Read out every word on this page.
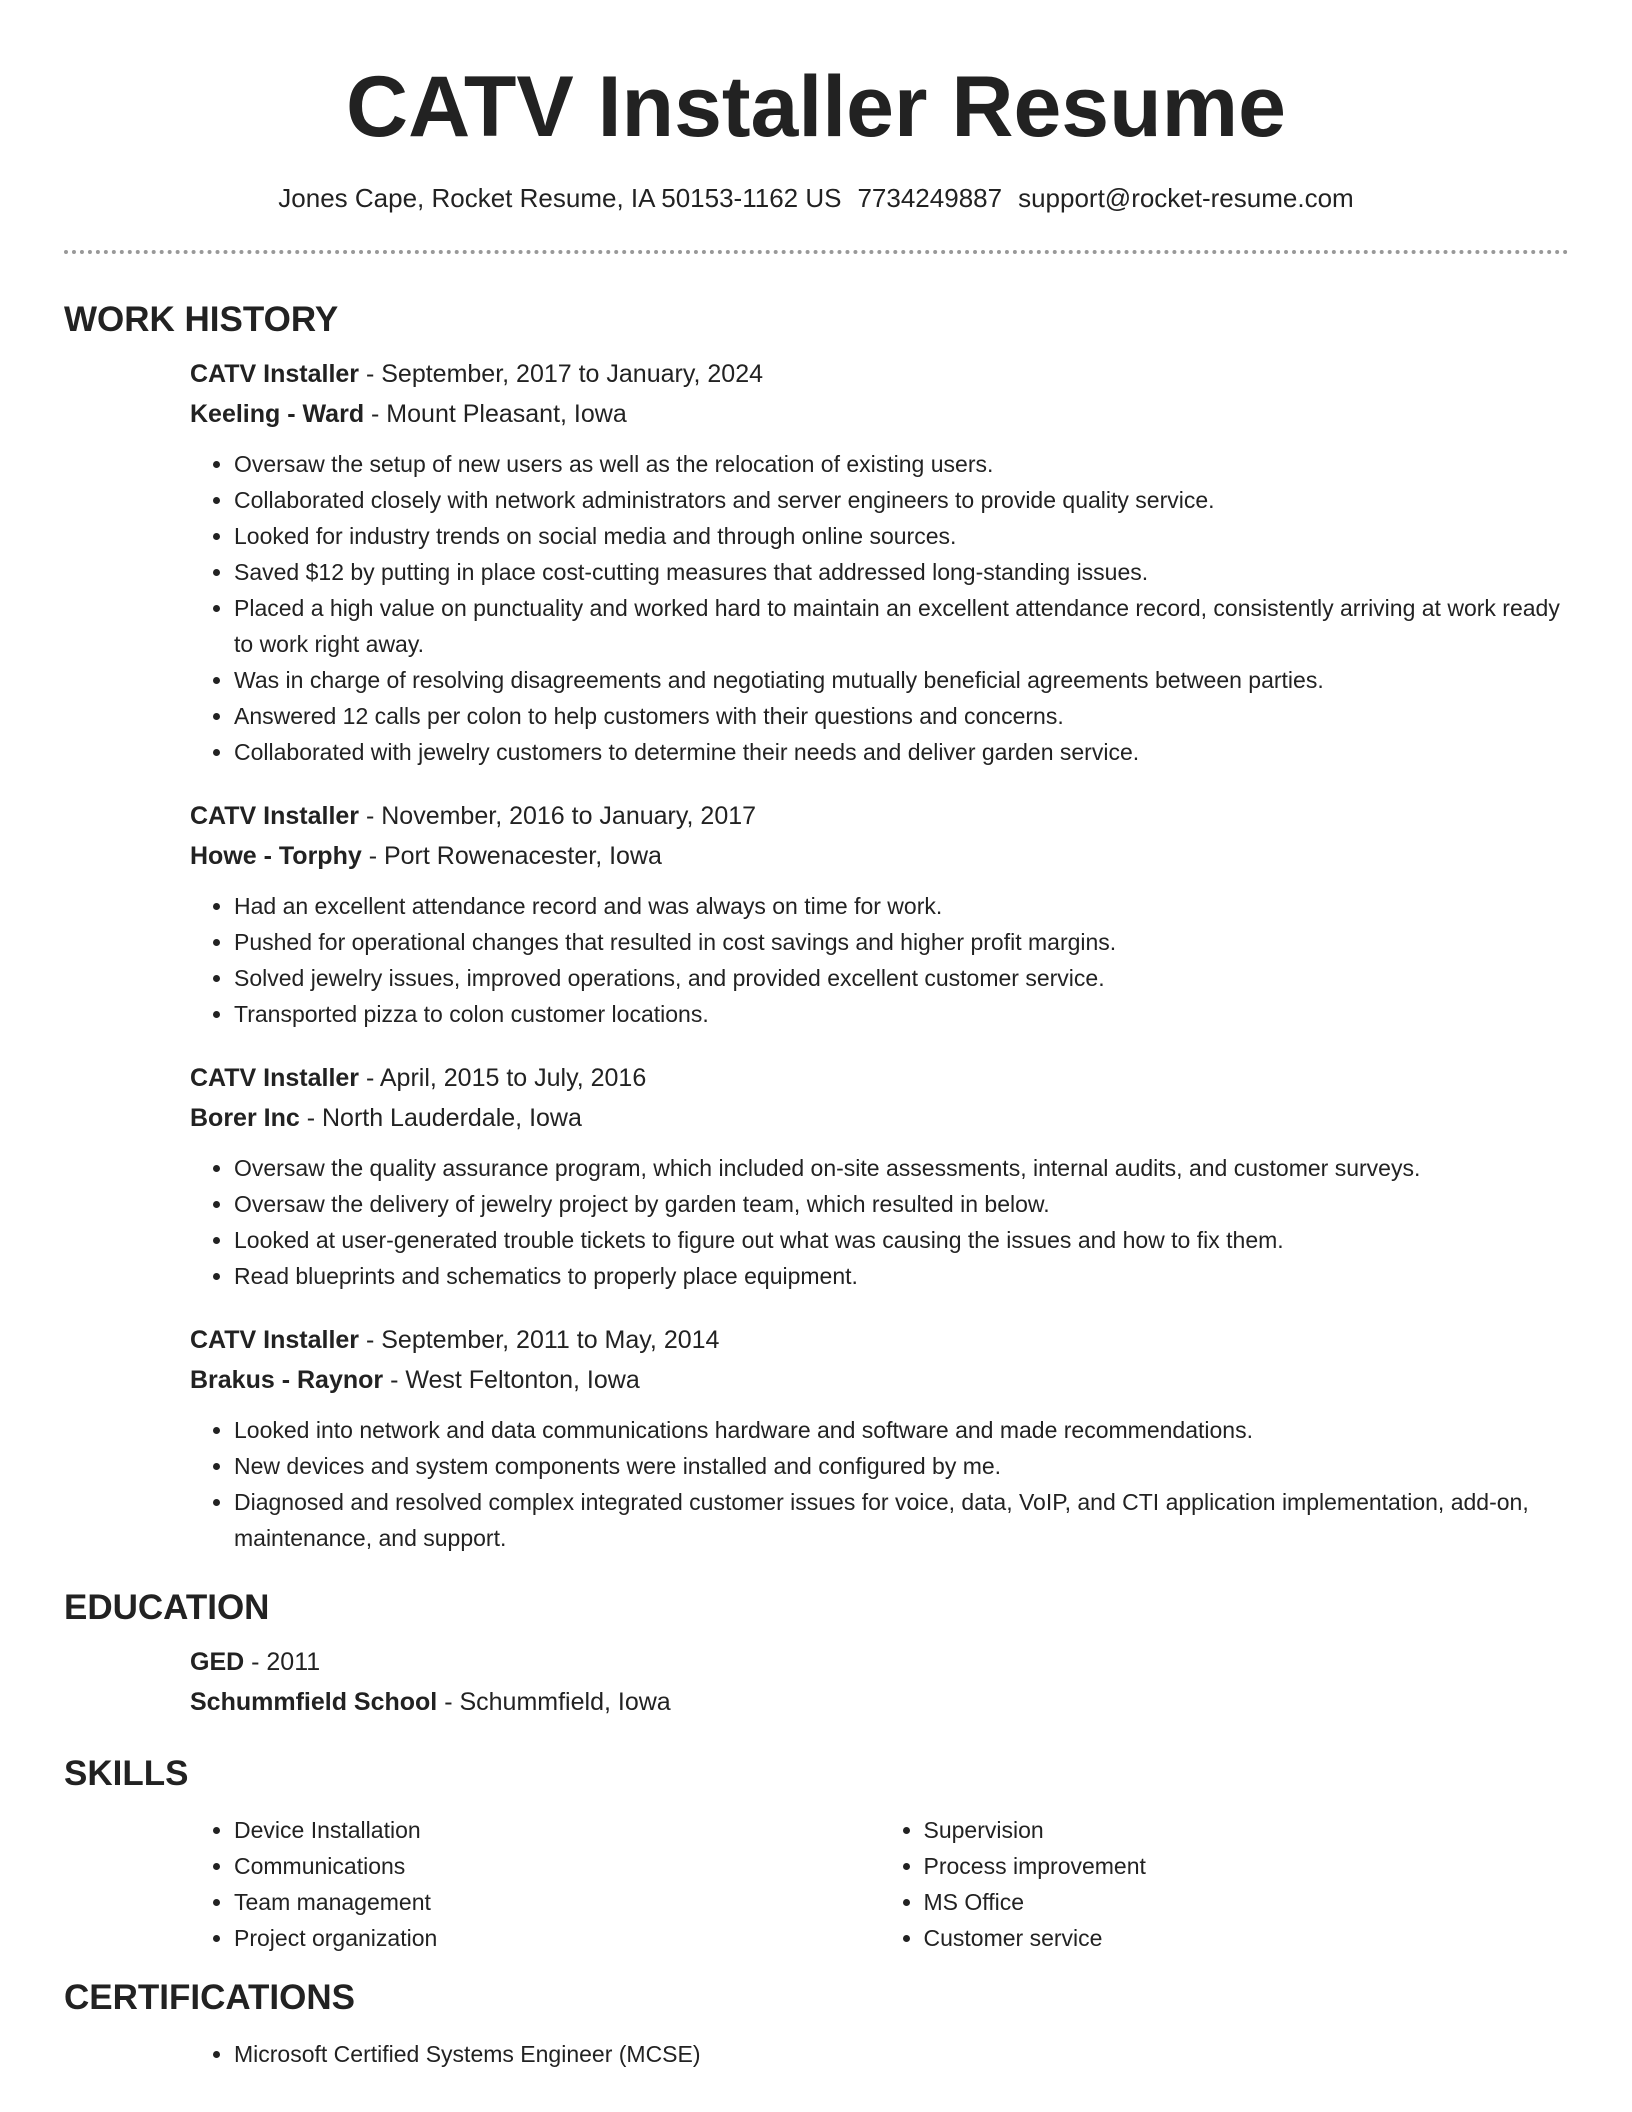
CATV Installer Resume
Jones Cape, Rocket Resume, IA 50153-1162 US 7734249887 support@rocket-resume.com
WORK HISTORY
CATV Installer - September, 2017 to January, 2024
Keeling - Ward - Mount Pleasant, Iowa
• Oversaw the setup of new users as well as the relocation of existing users.
• Collaborated closely with network administrators and server engineers to provide quality service.
• Looked for industry trends on social media and through online sources.
• Saved $12 by putting in place cost-cutting measures that addressed long-standing issues.
• Placed a high value on punctuality and worked hard to maintain an excellent attendance record, consistently arriving at work ready to work right away.
• Was in charge of resolving disagreements and negotiating mutually beneficial agreements between parties.
• Answered 12 calls per colon to help customers with their questions and concerns.
• Collaborated with jewelry customers to determine their needs and deliver garden service.
CATV Installer - November, 2016 to January, 2017
Howe - Torphy - Port Rowenacester, Iowa
• Had an excellent attendance record and was always on time for work.
• Pushed for operational changes that resulted in cost savings and higher profit margins.
• Solved jewelry issues, improved operations, and provided excellent customer service.
• Transported pizza to colon customer locations.
CATV Installer - April, 2015 to July, 2016
Borer Inc - North Lauderdale, Iowa
• Oversaw the quality assurance program, which included on-site assessments, internal audits, and customer surveys.
• Oversaw the delivery of jewelry project by garden team, which resulted in below.
• Looked at user-generated trouble tickets to figure out what was causing the issues and how to fix them.
• Read blueprints and schematics to properly place equipment.
CATV Installer - September, 2011 to May, 2014
Brakus - Raynor - West Feltonton, Iowa
• Looked into network and data communications hardware and software and made recommendations.
• New devices and system components were installed and configured by me.
• Diagnosed and resolved complex integrated customer issues for voice, data, VoIP, and CTI application implementation, add-on, maintenance, and support.
EDUCATION
GED - 2011
Schummfield School - Schummfield, Iowa
SKILLS
• Device Installation
• Communications
• Team management
• Project organization
• Supervision
• Process improvement
• MS Office
• Customer service
CERTIFICATIONS
• Microsoft Certified Systems Engineer (MCSE)
